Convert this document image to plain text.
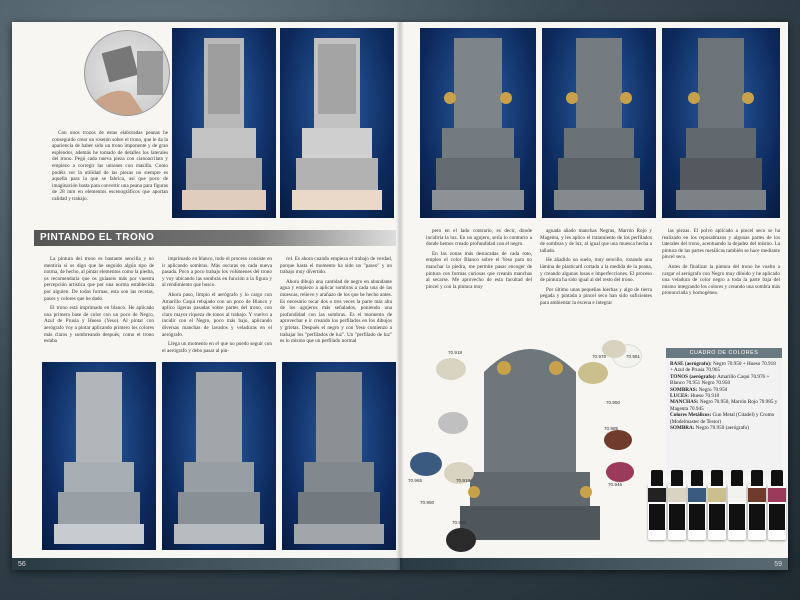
Con unos trozos de estas elaboradas peanas he conseguido crear un rosetón sobre el trono, que le da la apariencia de haber sido un trono imponente y de gran esplendor, además he tomado de detalles los laterales del trono. Pegó cada nueva pieza con cianoacrilato y empiezo a corregir las uniones con masilla. Como podéis ver la utilidad de las piezas no siempre es aquella para la que se fabrica, así que poco de imaginación basta para convertir una peana para figuras de 28 mm en elementos escenográficos que aportan calidad y trabajo.

PINTANDO EL TRONO

La pintura del trono es bastante sencilla y no mentiría si os digo que he seguido algún tipo de norma, de hecho, al pintar elementos como la piedra, os recomendaría que os guiaseis más por vuestra percepción artística que por una norma establecida por alguien. De todas formas, esta son las recetas, pasos y colores que he dado.

El trono está imprimado en blanco. He aplicado una primera base de color con un poco de Negro, Azul de Prusia y Hueso (Yeso). Al pintar con aerógrafo voy a pintar aplicando primero los colores más claros y sombreando después, como el trono estaba

imprimado en blanco, todo el proceso consiste en ir aplicando sombras. Más oscuras en cada nueva pasada. Poco a poco trabajo los volúmenes del trono y voy ubicando las sombras en función a la figura y al rendimiento que busco.

Ahora paso, limpio el aerógrafo y lo cargo con Amarillo Caqui rebajado con un poco de Blanco y aplico ligeras pasadas sobre partes del trono, con claro mayor riqueza de tonos al trabajo. Y vuelvo a incidir con el Negro, poco más bajo, aplicando diversas manchas de lavados y veladuras en el aerógrafo.

Llega un momento en el que no puedo seguir con el aerógrafo y debo pasar al pin-

cel. Es ahora cuando empieza el trabajo de verdad, porque hasta el momento ha sido un "paseo" y un trabajo muy divertido.

Ahora dibujo una cantidad de negro en abundante agua y empiezo a aplicar sombras a cada una de las muescas, relieve y arañazo de los que he hecho antes. Es necesario tocar dos o tres veces la parte más alta de los agujeros más señalados, poniendo una profundidad con las sombras. Es el momento de aprovechar e ir creando los perfilados en los dibujos y grietas. Después el negro y con Yeso comienzo a trabajar los "perfilados de luz". Un "perfilado de luz" es lo mismo que un perfilado normal

56

pero en el lado contrario, es decir, donde incidiría la luz. En un agujero, sería lo contrario a donde hemos creado profundidad con el negro.

En las zonas más destacadas de cada roto, empleo el color Blanco sobre el Yeso para no manchar la piedra, me permite pasar encoger de pintura con formas curiosas que crearán manchas al secarse. Me aprovecho de esta facultad del pincel y con la pintura muy

aguada añado manchas Negras, Marrón Rojo y Magenta, y les aplico el tratamiento de los perfilados de sombras y de luz, al igual que una muesca hecha a tallado.

He añadido un suelo, muy sencillo, rozando una lámina de plasticard cortada a la medida de la peana, y creando algunas losas e imperfecciones. El proceso de pintura ha sido igual al del resto del trono.

Por último unas pequeñas hierbas y algo de tierra pegada y pintada a pincel seco han sido suficientes para ambientar la escena e integrar

las piezas. El polvo aplicado a pincel seco se ha realizado en los reposabrazos y algunas partes de los laterales del trono, acentuando la dejadez del mismo. La pintura de las partes metálicas también se hace mediante pincel seco.

Antes de finalizar la pintura del trono he vuelto a cargar el aerógrafo con Negro muy diluido y he aplicado una veladura de color negro a toda la parte baja del mismo integrando los colores y creando una sombra más pronunciada y homogénea.

70.918
70.976	70.951
70.950
70.965	70.918
70.985
70.945
70.950
70.950
CUADRO DE COLORES
BASE (aerógrafo): Negro 70.950 + Hueso 70.918 + Azul de Prusia 70.965
TONOS (aerógrafo): Amarillo Caqui 70.976 + Blanco 70.951 Negro 70.950
SOMBRAS: Negro 70.950
LUCES: Hueso 70.918
MANCHAS: Negro 70.950, Marrón Rojo 70.985 y Magenta 70.945
Colores Metálicos: Gun Metal (Citadel) y Cromo (Modelmaster de Testor)
SOMBRA: Negro 70.950 (aerógrafo)
59
